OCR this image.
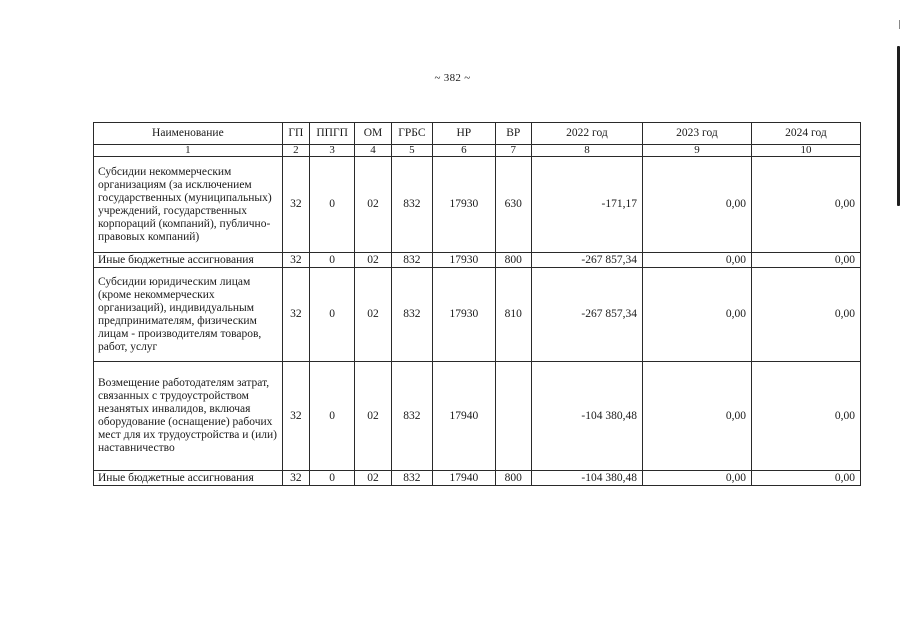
~ 382 ~
Наименование	ГП	ППГП	ОМ	ГРБС	НР	ВР	2022 год	2023 год	2024 год
1	2	3	4	5	6	7	8	9	10
Субсидии некоммерческим организациям (за исключением государственных (муниципальных) учреждений, государственных корпораций (компаний), публично-правовых компаний)	32	0	02	832	17930	630	-171,17	0,00	0,00
Иные бюджетные ассигнования	32	0	02	832	17930	800	-267 857,34	0,00	0,00
Субсидии юридическим лицам (кроме некоммерческих организаций), индивидуальным предпринимателям, физическим лицам - производителям товаров, работ, услуг	32	0	02	832	17930	810	-267 857,34	0,00	0,00
Возмещение работодателям затрат, связанных с трудоустройством незанятых инвалидов, включая оборудование (оснащение) рабочих мест для их трудоустройства и (или) наставничество	32	0	02	832	17940		-104 380,48	0,00	0,00
Иные бюджетные ассигнования	32	0	02	832	17940	800	-104 380,48	0,00	0,00
